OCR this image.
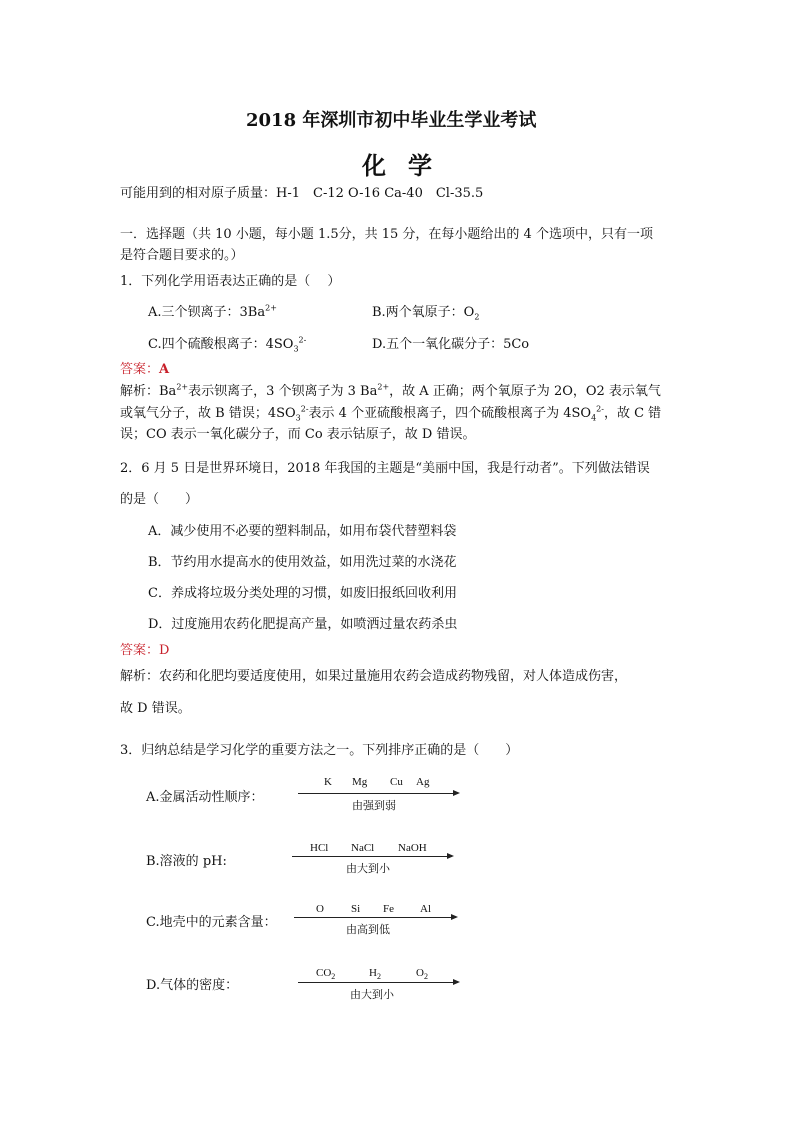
2018 年深圳市初中毕业生学业考试
化学
可能用到的相对原子质量：H-1　C-12 O-16 Ca-40　Cl-35.5
一．选择题（共 10 小题，每小题 1.5分，共 15 分，在每小题给出的 4 个选项中，只有一项
是符合题目要求的。）
1．下列化学用语表达正确的是（　 ）
A.三个钡离子：$3Ba^{2+}$	B.两个氧原子：$O_2$
C.四个硫酸根离子：$4SO_3^{2-}$	D.五个一氧化碳分子：5Co
答案：A
解析：$Ba^{2+}$表示钡离子，3 个钡离子为 3 $Ba^{2+}$，故 A 正确；两个氧原子为 2O，O2 表示氧气
或氧气分子，故 B 错误；$4SO_3^{2-}$表示 4 个亚硫酸根离子，四个硫酸根离子为 $4SO_4^{2-}$，故 C 错
误；CO 表示一氧化碳分子，而 Co 表示钴原子，故 D 错误。
2．6 月 5 日是世界环境日，2018 年我国的主题是“美丽中国，我是行动者”。下列做法错误
的是（　　）
A．减少使用不必要的塑料制品，如用布袋代替塑料袋
B．节约用水提高水的使用效益，如用洗过菜的水浇花
C．养成将垃圾分类处理的习惯，如废旧报纸回收利用
D．过度施用农药化肥提高产量，如喷洒过量农药杀虫
答案：D
解析：农药和化肥均要适度使用，如果过量施用农药会造成药物残留，对人体造成伤害，
故 D 错误。
3．归纳总结是学习化学的重要方法之一。下列排序正确的是（　　）
A.金属活动性顺序：
K Mg Cu Ag
由强到弱
B.溶液的 pH:
HCl NaCl NaOH
由大到小
C.地壳中的元素含量：
O Si Fe Al
由高到低
D.气体的密度：
$CO_2$	$H_2$	$O_2$
由大到小
